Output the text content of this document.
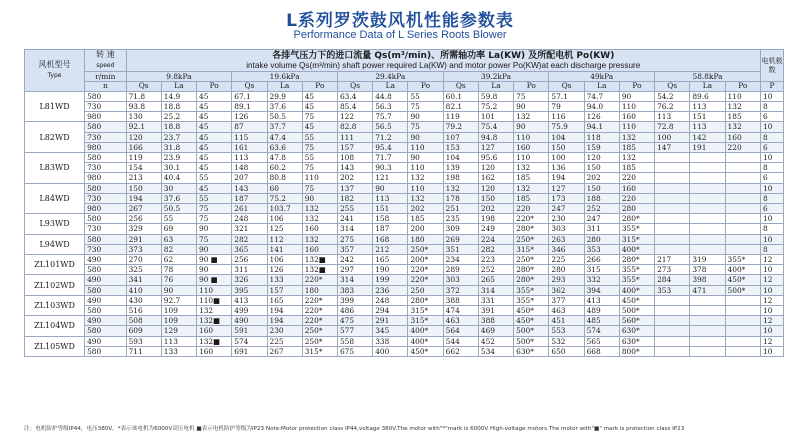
L系列罗茨鼓风机性能参数表
Performance Data of L Series Roots Blower
风机型号
Type	转 速
speed	各排气压力下的进口流量 Qs(m³/min)、所需轴功率 La(KW) 及所配电机 Po(KW)
intake volume Qs(m³/min) shaft power required La(KW) and motor power Po(KW)at each discharge pressure																		电机极数
	r/min	9.8kPa			19.6kPa			29.4kPa			39.2kPa			49kPa			58.8kPa			
	n	Qs	La	Po	Qs	La	Po	Qs	La	Po	Qs	La	Po	Qs	La	Po	Qs	La	Po	P
L81WD	580	71.8	14.9	45	67.1	29.9	45	63.4	44.8	55	60.1	59.8	75	57.1	74.7	90	54.2	89.6	110	10
	730	93.8	18.8	45	89.1	37.6	45	85.4	56.3	75	82.1	75.2	90	79	94.0	110	76.2	113	132	8
	980	130	25.2	45	126	50.5	75	122	75.7	90	119	101	132	116	126	160	113	151	185	6
L82WD	580	92.1	18.8	45	87	37.7	45	82.8	56.5	75	79.2	75.4	90	75.9	94.1	110	72.8	113	132	10
	730	120	23.7	45	115	47.4	55	111	71.2	90	107	94.8	110	104	118	132	100	142	160	8
	980	166	31.8	45	161	63.6	75	157	95.4	110	153	127	160	150	159	185	147	191	220	6
L83WD	580	119	23.9	45	113	47.8	55	108	71.7	90	104	95.6	110	100	120	132				10
	730	154	30.1	45	148	60.2	75	143	90.3	110	139	120	132	136	150	185				8
	980	213	40.4	55	207	80.8	110	202	121	132	198	162	185	194	202	220				6
L84WD	580	150	30	45	143	60	75	137	90	110	132	120	132	127	150	160				10
	730	194	37.6	55	187	75.2	90	182	113	132	178	150	185	173	188	220				8
	980	267	50.5	75	261	103.7	132	255	151	202	251	202	220	247	252	280				6
L93WD	580	256	55	75	248	106	132	241	158	185	235	198	220*	230	247	280*				10
	730	329	69	90	321	125	160	314	187	200	309	249	280*	303	311	355*				8
L94WD	580	291	63	75	282	112	132	275	168	180	269	224	250*	263	280	315*				10
	730	373	82	90	365	141	160	357	212	250*	351	282	315*	346	353	400*				8
ZL101WD	490	270	62	90 ■	256	106	132■	242	165	200*	234	223	250*	225	266	280*	217	319	355*	12
	580	325	78	90	311	126	132■	297	190	220*	289	252	280*	280	315	355*	273	378	400*	10
ZL102WD	490	341	76	90 ■	326	133	220*	314	199	220*	303	265	280*	293	332	355*	284	398	450*	12
	580	410	90	110	395	157	180	383	236	250	372	314	355*	362	394	400*	353	471	500*	10
ZL103WD	490	430	92.7	110■	413	165	220*	399	248	280*	388	331	355*	377	413	450*				12
	580	516	109	132	499	194	220*	486	294	315*	474	391	450*	463	489	500*				10
ZL104WD	490	508	109	132■	490	194	220*	475	291	315*	463	388	450*	451	485	560*				12
	580	609	129	160	591	230	250*	577	345	400*	564	469	500*	553	574	630*				10
ZL105WD	490	593	113	132■	574	225	250*	558	338	400*	544	452	500*	532	565	630*				12
	580	711	133	160	691	267	315*	675	400	450*	662	534	630*	650	668	800*				10
注：电机防护等级IP44，电压380V，*表示该电机为6000V高压电机 ■表示电机防护等级为IP23 Note:Motor protection class IP44,voltage 380V.The motor with"*"mark is 6000V High-voltage motors.The motor with"■" mark is protection class IP23
